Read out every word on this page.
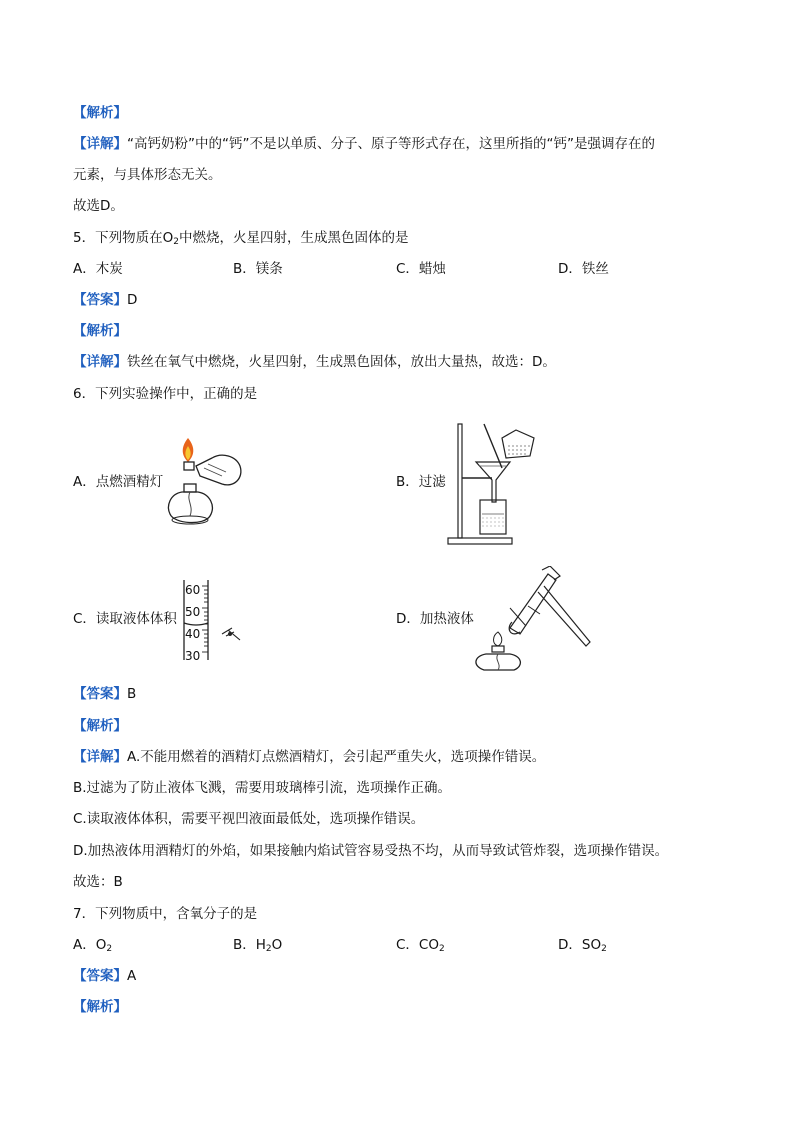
【解析】
【详解】“高钙奶粉”中的“钙”不是以单质、分子、原子等形式存在，这里所指的“钙”是强调存在的
元素，与具体形态无关。
故选D。
5．下列物质在$O_2$中燃烧，火星四射，生成黑色固体的是
A．木炭	B．镁条	C．蜡烛	D．铁丝
【答案】D
【解析】
【详解】铁丝在氧气中燃烧，火星四射，生成黑色固体，放出大量热，故选：D。
6．下列实验操作中，正确的是
A．点燃酒精灯	B．过滤
C．读取液体体积
60
50
40
30
D．加热液体
【答案】B
【解析】
【详解】A.不能用燃着的酒精灯点燃酒精灯，会引起严重失火，选项操作错误。
B.过滤为了防止液体飞溅，需要用玻璃棒引流，选项操作正确。
C.读取液体体积，需要平视凹液面最低处，选项操作错误。
D.加热液体用酒精灯的外焰，如果接触内焰试管容易受热不均，从而导致试管炸裂，选项操作错误。
故选：B
7．下列物质中，含氧分子的是
A．$O_2$	B．$H_2O$	C．$CO_2$	D．$SO_2$
【答案】A
【解析】
